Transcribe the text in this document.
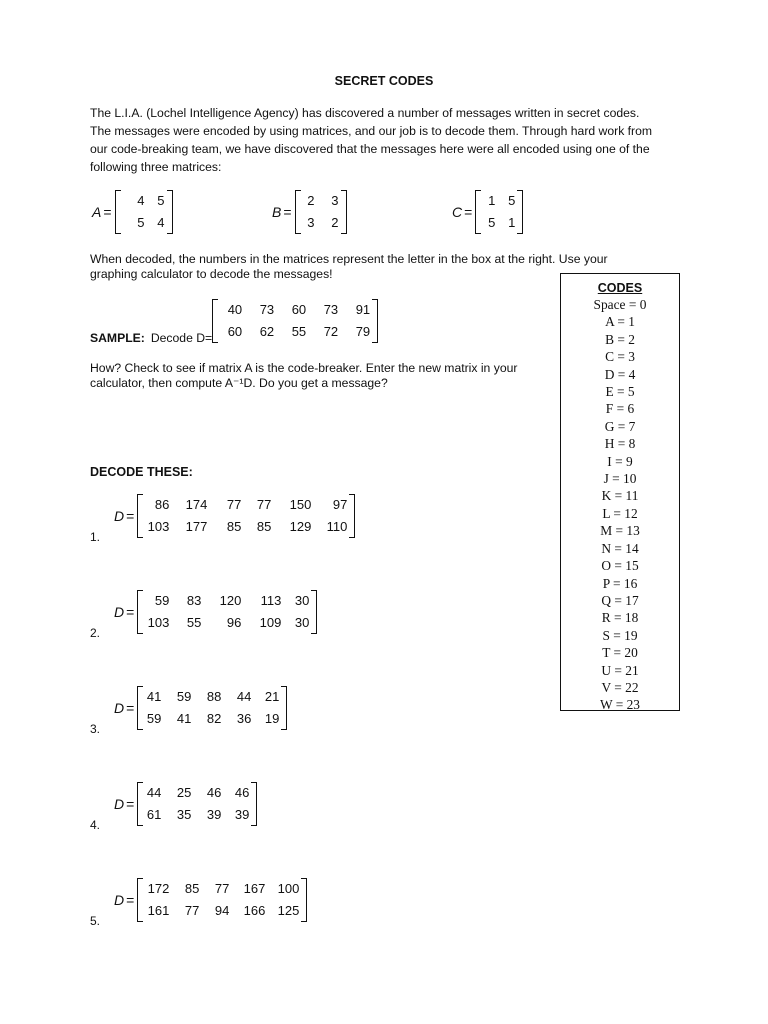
SECRET CODES
The L.I.A. (Lochel Intelligence Agency) has discovered a number of messages written in secret codes.
The messages were encoded by using matrices, and our job is to decode them. Through hard work from
our code-breaking team, we have discovered that the messages here were all encoded using one of the
following three matrices:
A =
4	5
5	4
B =
2	3
3	2
C =
1	5
5	1
When decoded, the numbers in the matrices represent the letter in the box at the right. Use your
graphing calculator to decode the messages!
SAMPLE: Decode D=
40	73	60	73	91
60	62	55	72	79
How? Check to see if matrix A is the code-breaker. Enter the new matrix in your
calculator, then compute A⁻¹D. Do you get a message?
DECODE THESE:
1.
D =
86	174	77	77	150	97
103	177	85	85	129	110
2.
D =
59	83	120	113	30
103	55	96	109	30
3.
D =
41	59	88	44	21
59	41	82	36	19
4.
D =
44	25	46	46
61	35	39	39
5.
D =
172	85	77	167	100
161	77	94	166	125
CODES
Space = 0
A = 1
B = 2
C = 3
D = 4
E = 5
F = 6
G = 7
H = 8
I = 9
J = 10
K = 11
L = 12
M = 13
N = 14
O = 15
P = 16
Q = 17
R = 18
S = 19
T = 20
U = 21
V = 22
W = 23
